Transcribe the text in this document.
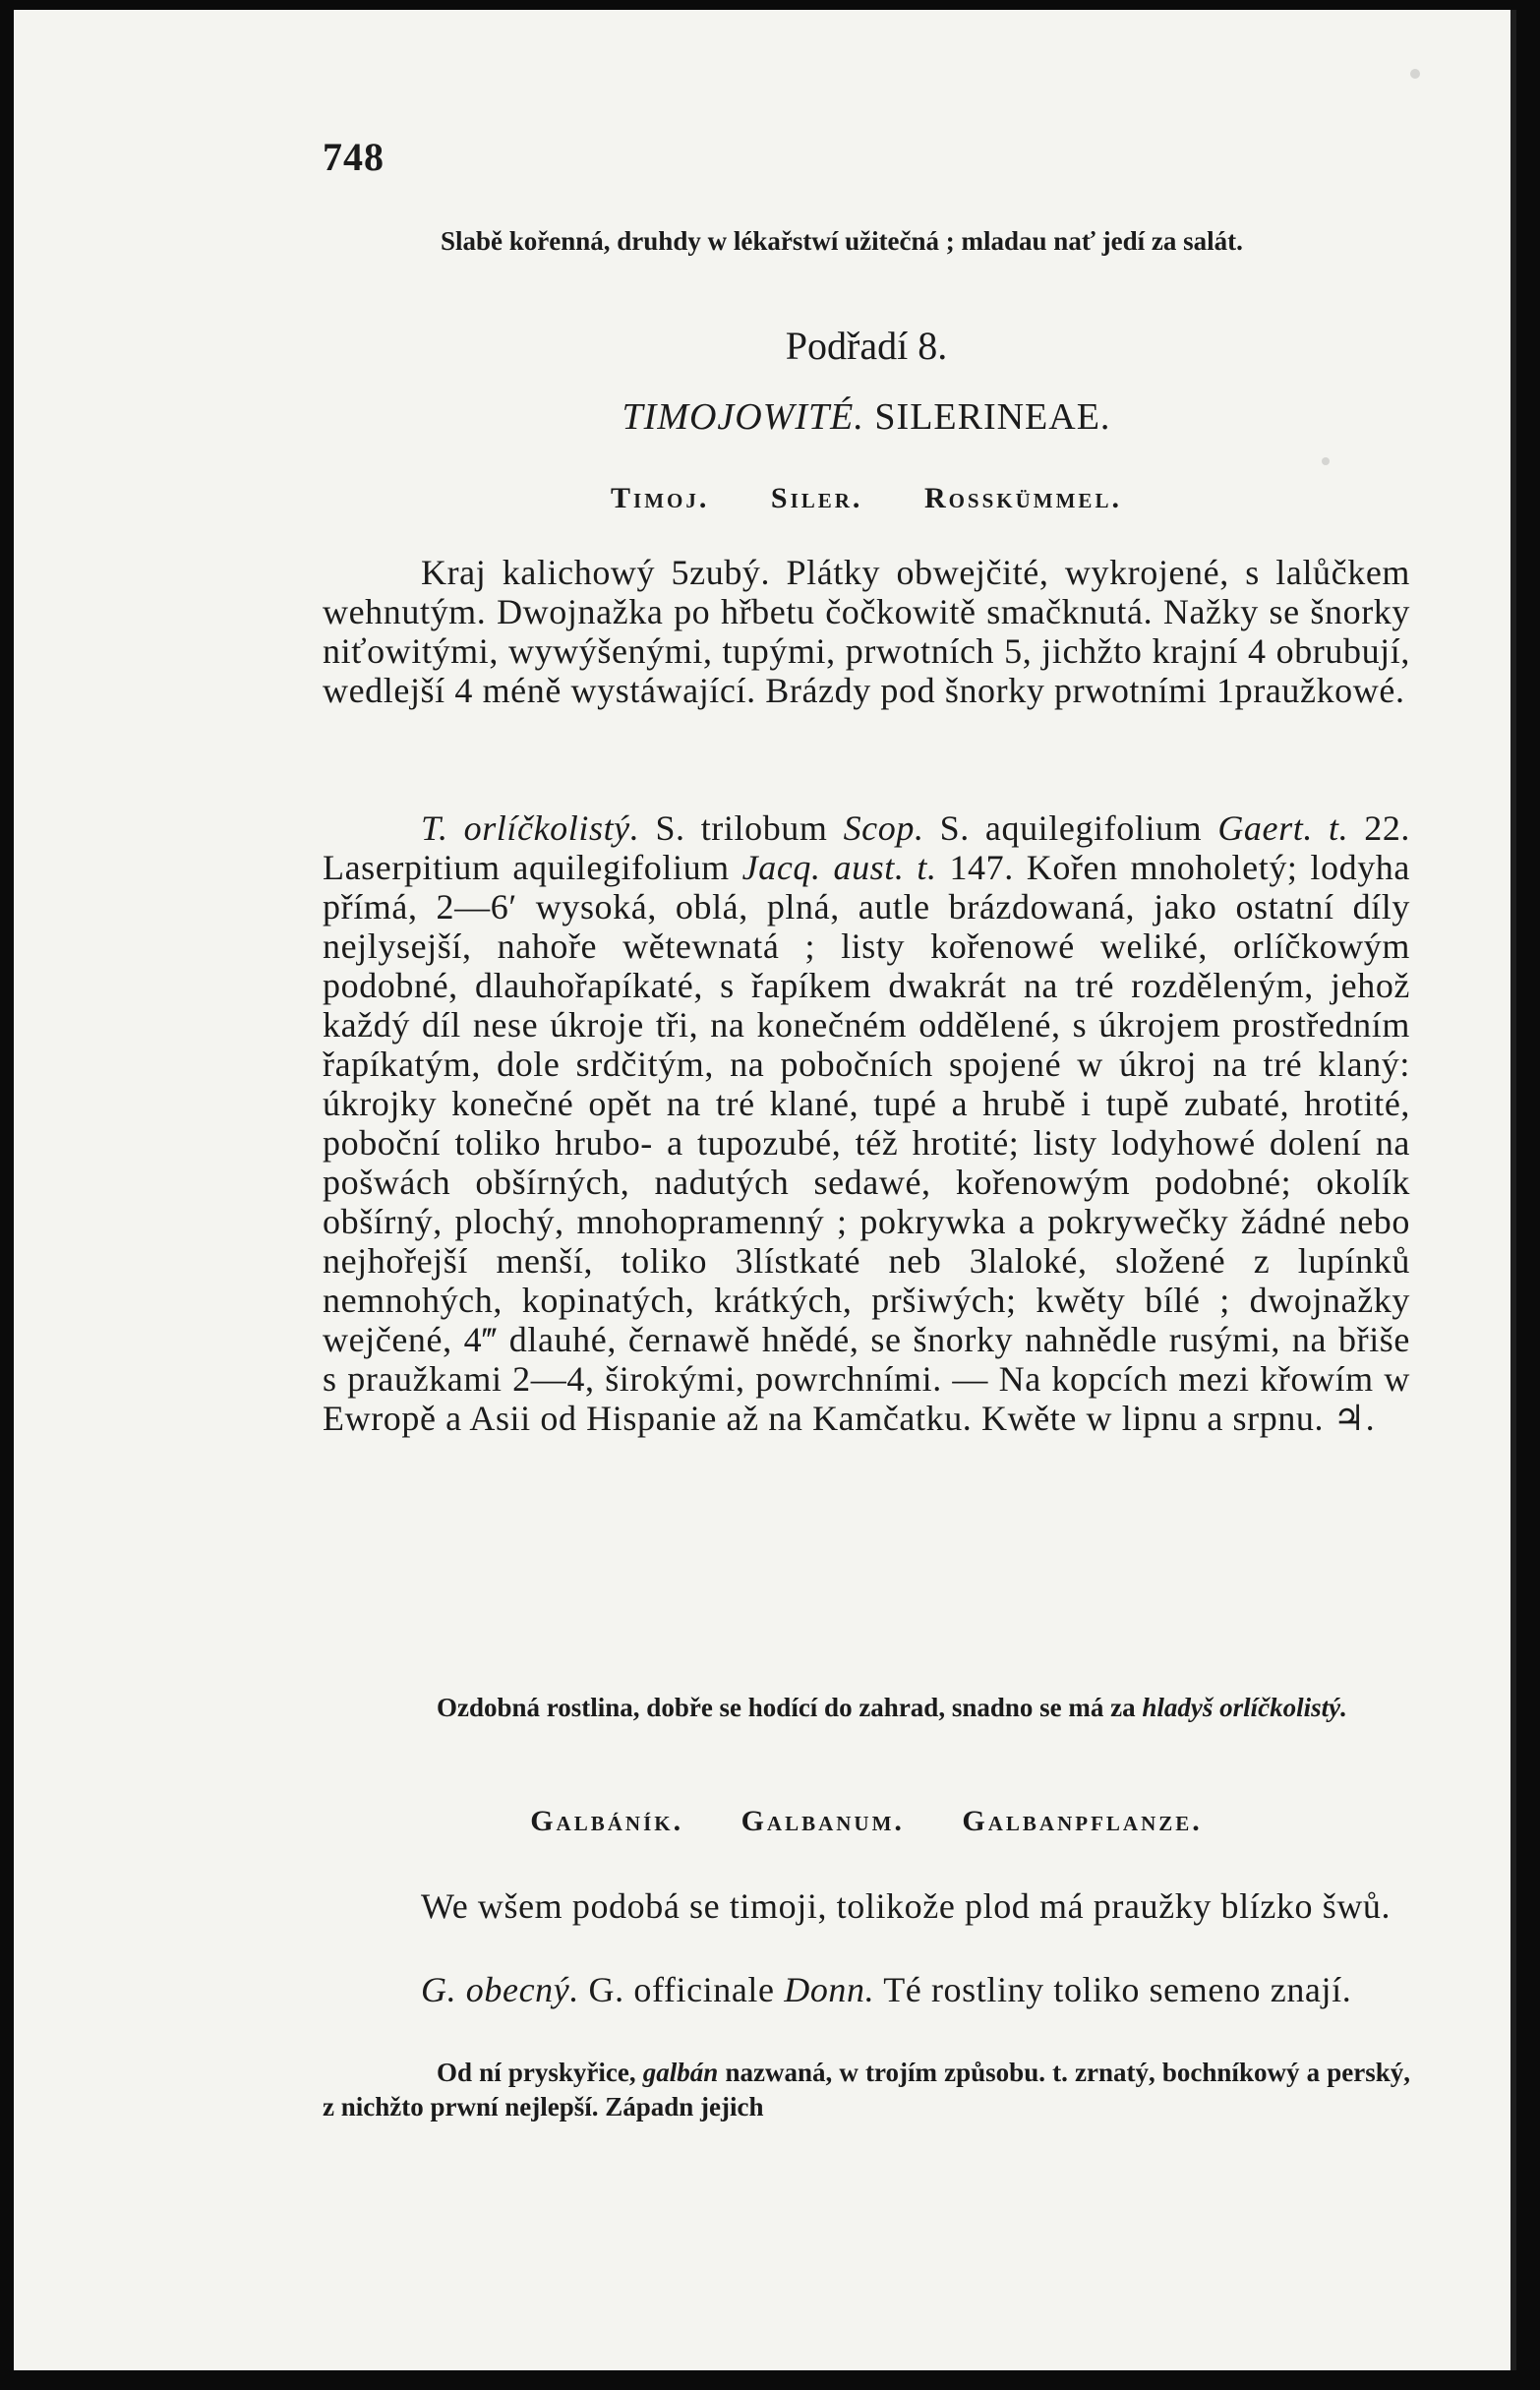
748
Slabě kořenná, druhdy w lékařstwí užitečná ; mladau nať jedí za salát.
Podřadí 8.
TIMOJOWITÉ. SILERINEAE.
Timoj. Siler. Rosskümmel.
Kraj kalichowý 5zubý. Plátky obwejčité, wykrojené, s lalůčkem wehnutým. Dwojnažka po hřbetu čočkowitě smačknutá. Nažky se šnorky niťowitými, wywýšenými, tupými, prwotních 5, jichžto krajní 4 obrubují, wedlejší 4 méně wystáwající. Brázdy pod šnorky prwotními 1praužkowé.
T. orlíčkolistý. S. trilobum Scop. S. aquilegifolium Gaert. t. 22. Laserpitium aquilegifolium Jacq. aust. t. 147. Kořen mnoholetý; lodyha přímá, 2—6′ wysoká, oblá, plná, autle brázdowaná, jako ostatní díly nejlysejší, nahoře wětewnatá ; listy kořenowé weliké, orlíčkowým podobné, dlauhořapíkaté, s řapíkem dwakrát na tré rozděleným, jehož každý díl nese úkroje tři, na konečném oddělené, s úkrojem prostředním řapíkatým, dole srdčitým, na pobočních spojené w úkroj na tré klaný: úkrojky konečné opět na tré klané, tupé a hrubě i tupě zubaté, hrotité, poboční toliko hrubo- a tupozubé, též hrotité; listy lodyhowé dolení na pošwách obšírných, nadutých sedawé, kořenowým podobné; okolík obšírný, plochý, mnohopramenný ; pokrywka a pokrywečky žádné nebo nejhořejší menší, toliko 3lístkaté neb 3laloké, složené z lupínků nemnohých, kopinatých, krátkých, pršiwých; kwěty bílé ; dwojnažky wejčené, 4‴ dlauhé, černawě hnědé, se šnorky nahnědle rusými, na břiše s praužkami 2—4, širokými, powrchními. — Na kopcích mezi křowím w Ewropě a Asii od Hispanie až na Kamčatku. Kwěte w lipnu a srpnu. ♃.
Ozdobná rostlina, dobře se hodící do zahrad, snadno se má za hladyš orlíčkolistý.
Galbáník. Galbanum. Galbanpflanze.
We wšem podobá se timoji, tolikože plod má praužky blízko šwů.
G. obecný. G. officinale Donn. Té rostliny toliko semeno znají.
Od ní pryskyřice, galbán nazwaná, w trojím způsobu. t. zrnatý, bochníkowý a perský, z nichžto prwní nejlepší. Západn jejich
